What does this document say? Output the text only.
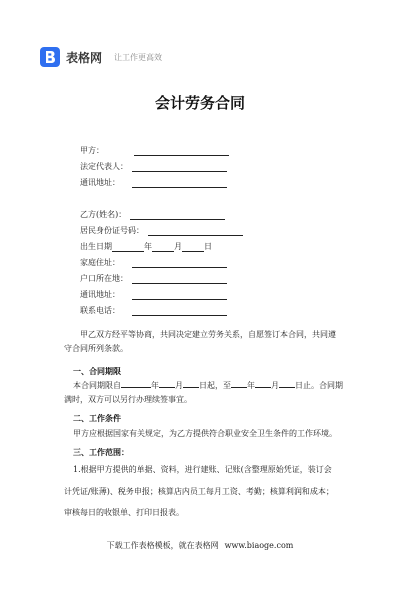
表格网 让工作更高效
会计劳务合同
甲方：
法定代表人：
通讯地址：
乙方(姓名)：
居民身份证号码：
出生日期	年	月	日
家庭住址：
户口所在地：
通讯地址：
联系电话：
甲乙双方经平等协商，共同决定建立劳务关系，自愿签订本合同，共同遵守合同所列条款。
一、合同期限
本合同期限自	年 月 日起，至 年 月 日止。合同期
满时，双方可以另行办理续签事宜。
二、工作条件
甲方应根据国家有关规定，为乙方提供符合职业安全卫生条件的工作环境。
三、工作范围：
1.根据甲方提供的单据、资料，进行建账、记账(含整理原始凭证，装订会
计凭证/账薄)、税务申报；核算店内员工每月工资、考勤；核算利润和成本；
审核每日的收银单、打印日报表。
下载工作表格模板，就在表格网 www.biaoge.com
